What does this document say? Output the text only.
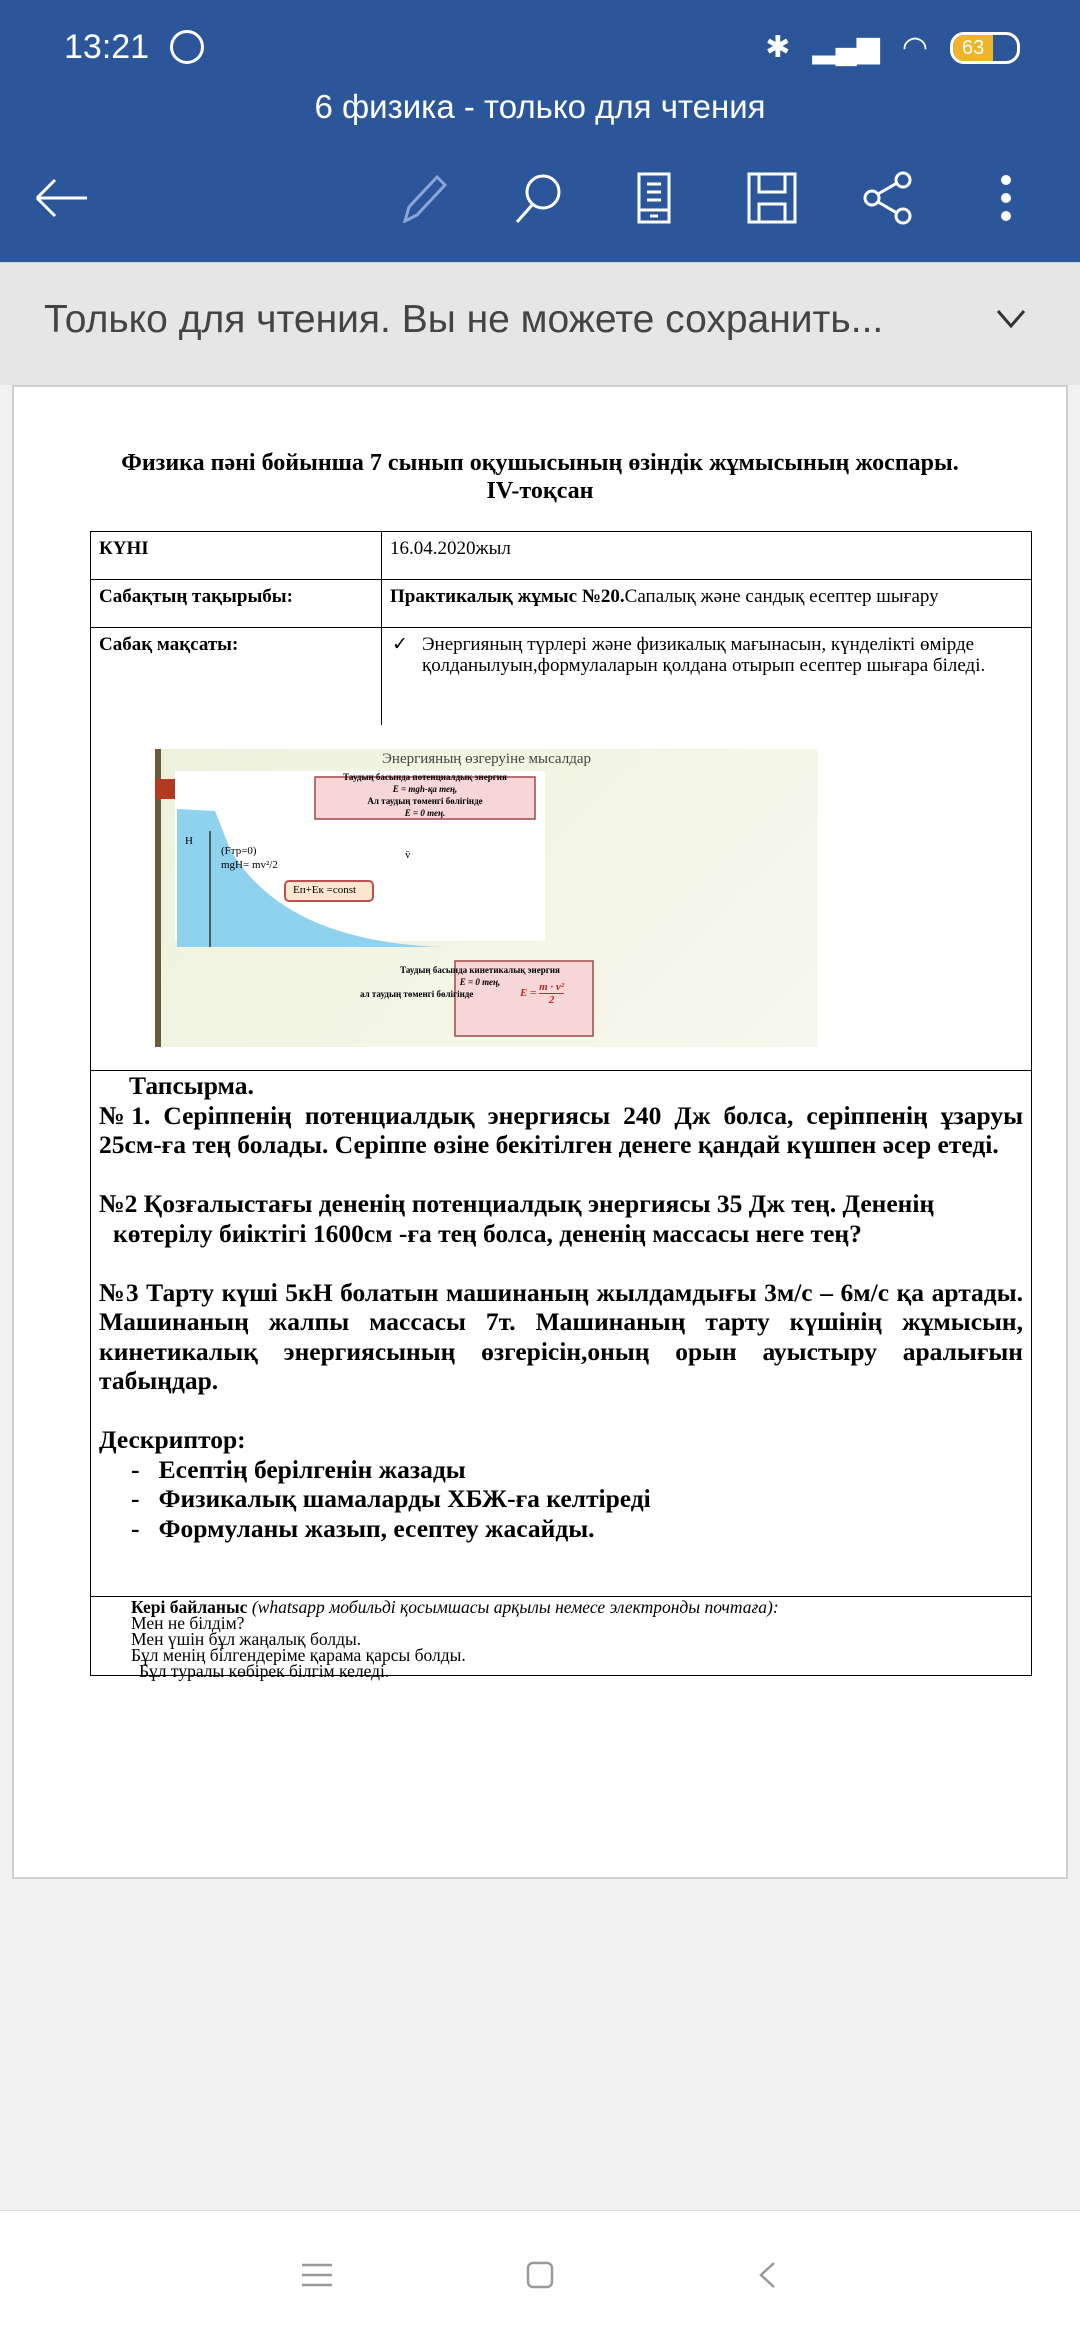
13:21	✱ ▂▄▆ ◠	63
6 физика - только для чтения
Только для чтения. Вы не можете сохранить...
Физика пәні бойынша 7 сынып оқушысының өзіндік жұмысының жоспары.
IV-тоқсан
КҮНІ	16.04.2020жыл
Сабақтың тақырыбы:	Практикалық жұмыс №20.Сапалық және сандық есептер шығару
Сабақ мақсаты:	✓ Энергияның түрлері және физикалық мағынасын, күнделікті өмірде қолданылуын,формулаларын қолдана отырып есептер шығара біледі.
Энергияның өзгеруіне мысалдар
Таудың басында потенциалдық энергия
E = mgh-қа тең,
Ал таудың төменгі бөлігінде
E = 0 тең.
Таудың басында кинетикалық энергия
E = 0 тең,
ал таудың төменгі бөлігінде	$E = \frac{\text{m · v²}}{2}$
H
(Fтр=0)
mgH= mv²/2
Eп+Eк =const
v̄
Тапсырма.

№1. Серіппенің потенциалдық энергиясы 240 Дж болса, серіппенің ұзаруы 25см-ға тең болады. Серіппе өзіне бекітілген денеге қандай күшпен әсер етеді.

№2 Қозғалыстағы дененің потенциалдық энергиясы 35 Дж тең. Дененің

көтерілу биіктігі 1600см -ға тең болса, дененің массасы неге тең?

№3 Тарту күші 5кН болатын машинаның жылдамдығы 3м/с – 6м/с қа артады. Машинаның жалпы массасы 7т. Машинаның тарту күшінің жұмысын, кинетикалық энергиясының өзгерісін,оның орын ауыстыру аралығын табыңдар.

Дескриптор:
-   Есептің берілгенін жазады
-   Физикалық шамаларды ХБЖ-ға келтіреді
-   Формуланы жазып, есептеу жасайды.
Кері байланыс (whatsapp мобильді қосымшасы арқылы немесе электронды почтаға):
Мен не білдім?
Мен үшін бұл жаңалық болды.
Бұл менің білгендеріме қарама қарсы болды.
Бұл туралы көбірек білгім келеді.
